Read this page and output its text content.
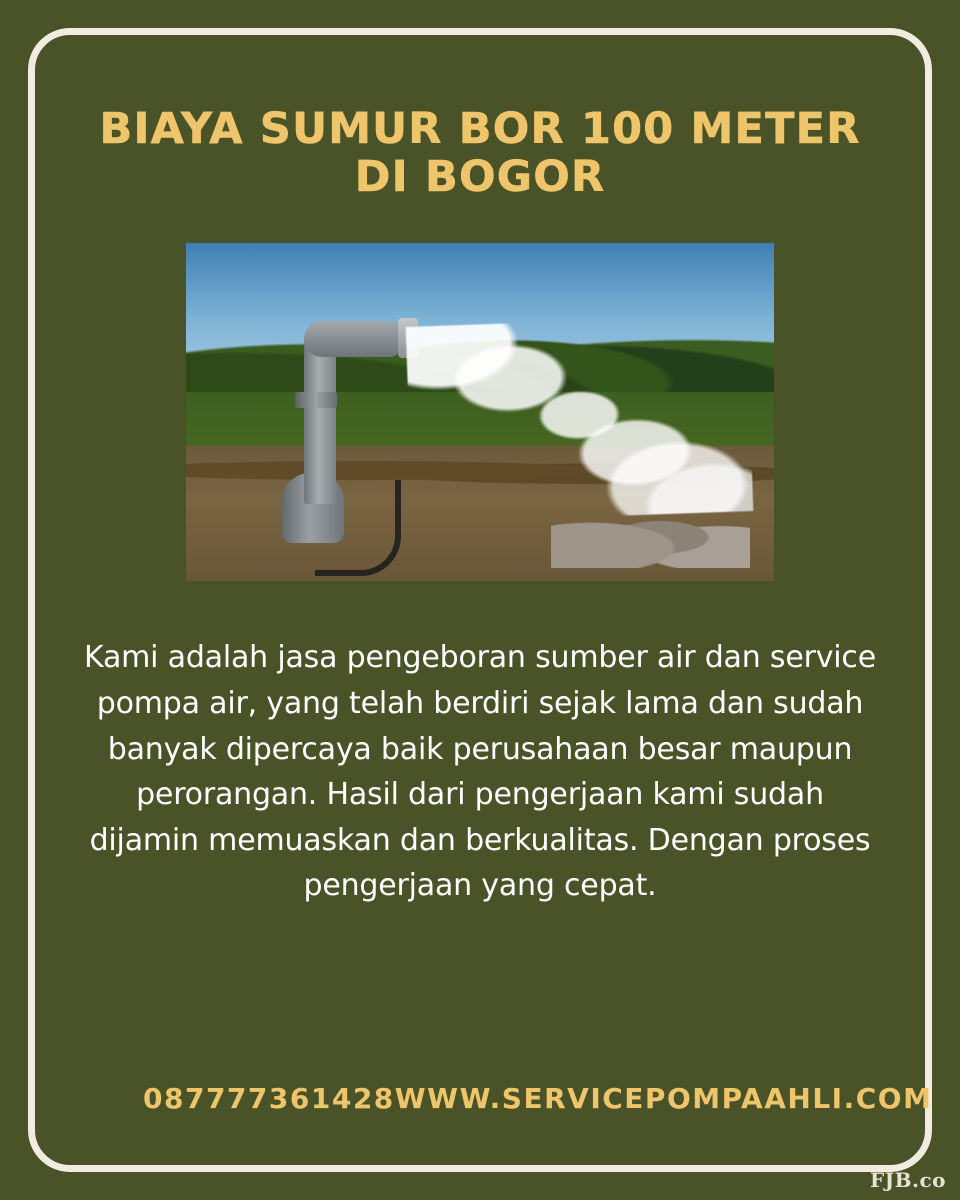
BIAYA SUMUR BOR 100 METER DI BOGOR

Kami adalah jasa pengeboran sumber air dan service pompa air, yang telah berdiri sejak lama dan sudah banyak dipercaya baik perusahaan besar maupun perorangan. Hasil dari pengerjaan kami sudah dijamin memuaskan dan berkualitas. Dengan proses pengerjaan yang cepat.

087777361428 WWW.SERVICEPOMPAAHLI.COM
FJB.co
